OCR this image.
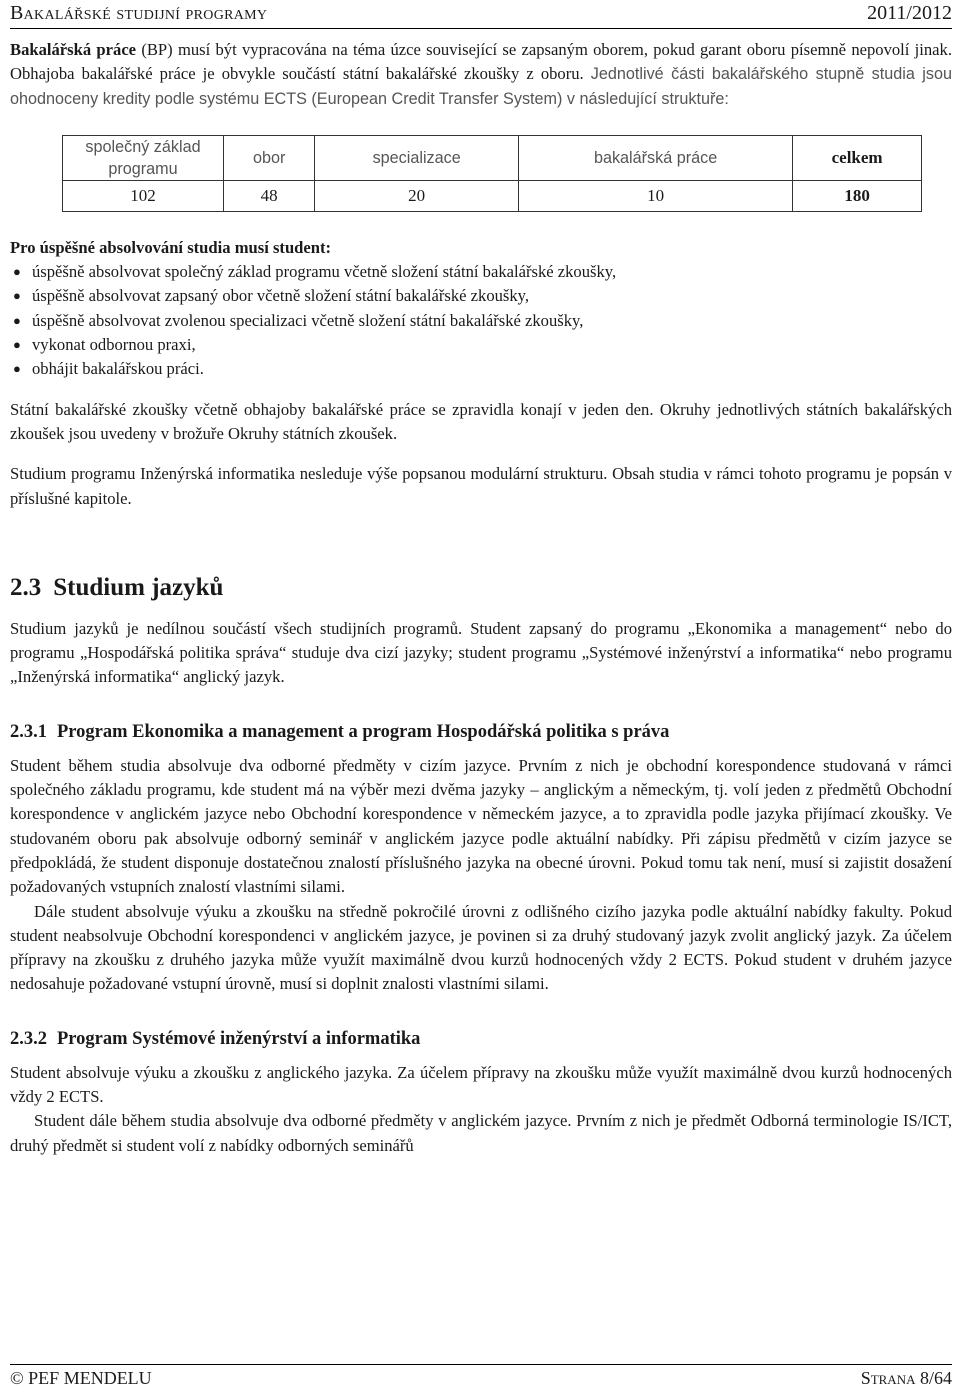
Bakalářské studijní programy	2011/2012

Bakalářská práce (BP) musí být vypracována na téma úzce související se zapsaným oborem, pokud garant oboru písemně nepovolí jinak. Obhajoba bakalářské práce je obvykle součástí státní bakalářské zkoušky z oboru. Jednotlivé části bakalářského stupně studia jsou ohodnoceny kredity podle systému ECTS (European Credit Transfer System) v následující struktuře:

společný základ programu	obor	specializace	bakalářská práce	celkem
102	48	20	10	180

Pro úspěšné absolvování studia musí student:

● úspěšně absolvovat společný základ programu včetně složení státní bakalářské zkoušky,
● úspěšně absolvovat zapsaný obor včetně složení státní bakalářské zkoušky,
● úspěšně absolvovat zvolenou specializaci včetně složení státní bakalářské zkoušky,
● vykonat odbornou praxi,
● obhájit bakalářskou práci.

Státní bakalářské zkoušky včetně obhajoby bakalářské práce se zpravidla konají v jeden den. Okruhy jednotlivých státních bakalářských zkoušek jsou uvedeny v brožuře Okruhy státních zkoušek.

Studium programu Inženýrská informatika nesleduje výše popsanou modulární strukturu. Obsah studia v rámci tohoto programu je popsán v příslušné kapitole.

2.3 Studium jazyků

Studium jazyků je nedílnou součástí všech studijních programů. Student zapsaný do programu „Ekonomika a management“ nebo do programu „Hospodářská politika správa“ studuje dva cizí jazyky; student programu „Systémové inženýrství a informatika“ nebo programu „Inženýrská informatika“ anglický jazyk.

2.3.1 Program Ekonomika a management a program Hospodářská politika s práva

Student během studia absolvuje dva odborné předměty v cizím jazyce. Prvním z nich je obchodní korespondence studovaná v rámci společného základu programu, kde student má na výběr mezi dvěma jazyky – anglickým a německým, tj. volí jeden z předmětů Obchodní korespondence v anglickém jazyce nebo Obchodní korespondence v německém jazyce, a to zpravidla podle jazyka přijímací zkoušky. Ve studovaném oboru pak absolvuje odborný seminář v anglickém jazyce podle aktuální nabídky. Při zápisu předmětů v cizím jazyce se předpokládá, že student disponuje dostatečnou znalostí příslušného jazyka na obecné úrovni. Pokud tomu tak není, musí si zajistit dosažení požadovaných vstupních znalostí vlastními silami.

Dále student absolvuje výuku a zkoušku na středně pokročilé úrovni z odlišného cizího jazyka podle aktuální nabídky fakulty. Pokud student neabsolvuje Obchodní korespondenci v anglickém jazyce, je povinen si za druhý studovaný jazyk zvolit anglický jazyk. Za účelem přípravy na zkoušku z druhého jazyka může využít maximálně dvou kurzů hodnocených vždy 2 ECTS. Pokud student v druhém jazyce nedosahuje požadované vstupní úrovně, musí si doplnit znalosti vlastními silami.

2.3.2 Program Systémové inženýrství a informatika

Student absolvuje výuku a zkoušku z anglického jazyka. Za účelem přípravy na zkoušku může využít maximálně dvou kurzů hodnocených vždy 2 ECTS.

Student dále během studia absolvuje dva odborné předměty v anglickém jazyce. Prvním z nich je předmět Odborná terminologie IS/ICT, druhý předmět si student volí z nabídky odborných seminářů

© PEF MENDELU	Strana 8/64
